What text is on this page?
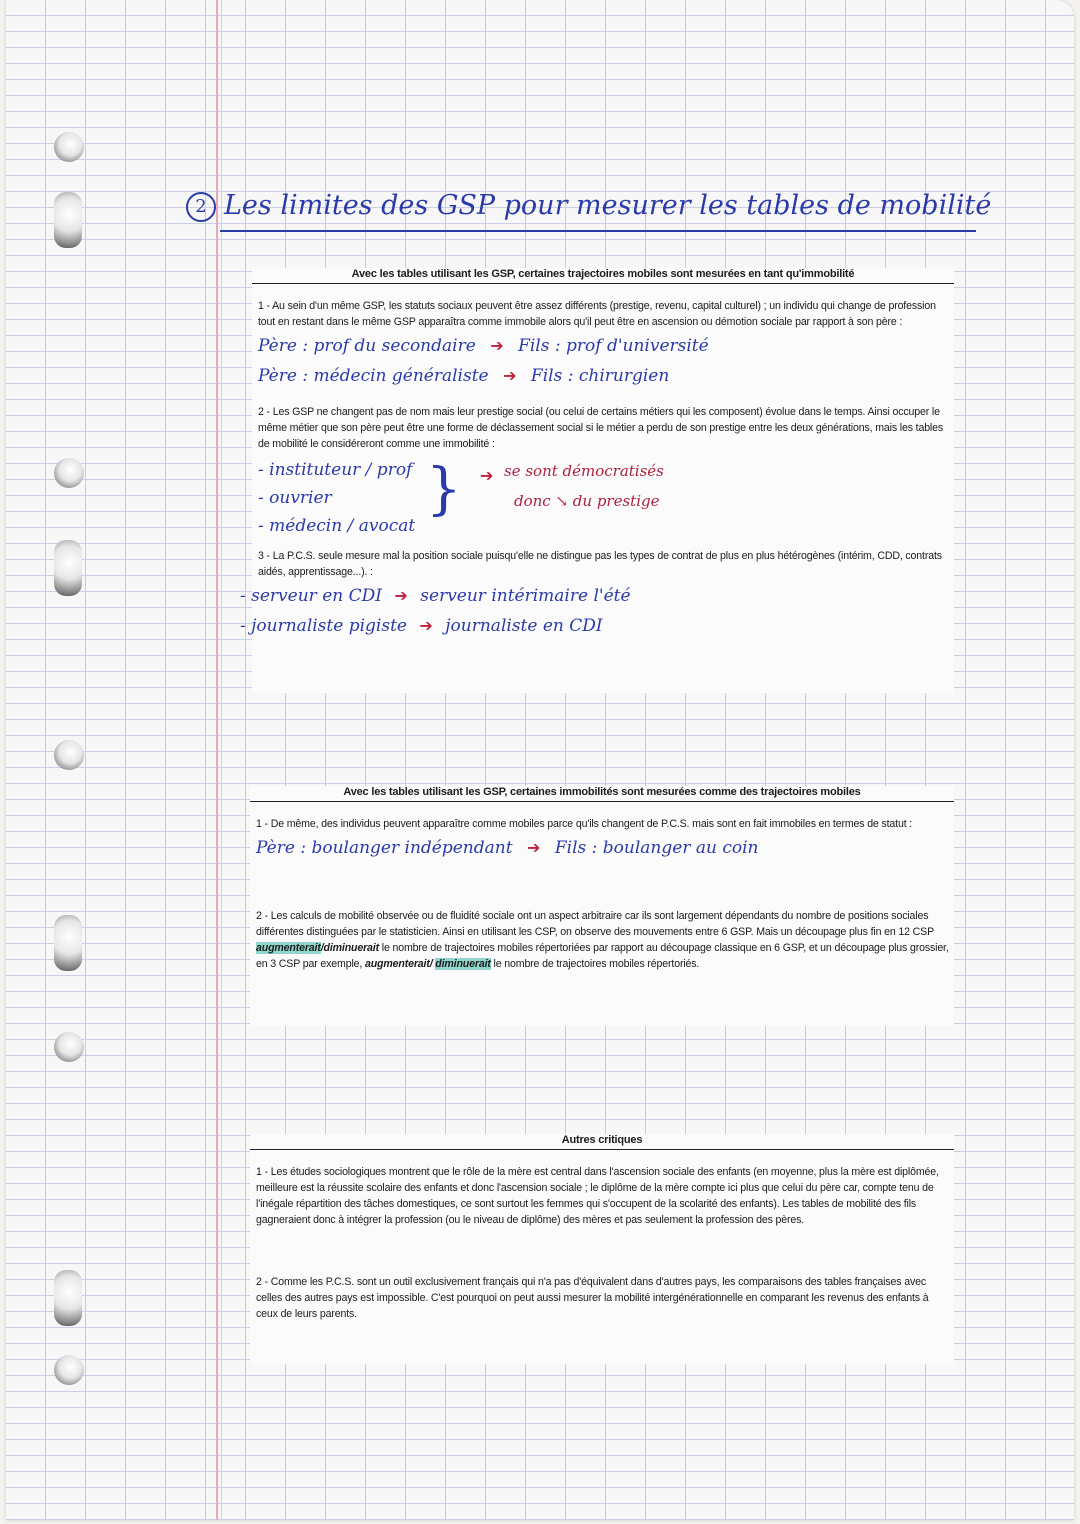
2 Les limites des GSP pour mesurer les tables de mobilité
Avec les tables utilisant les GSP, certaines trajectoires mobiles sont mesurées en tant qu'immobilité
1 - Au sein d'un même GSP, les statuts sociaux peuvent être assez différents (prestige, revenu, capital culturel) ; un individu qui change de profession tout en restant dans le même GSP apparaîtra comme immobile alors qu'il peut être en ascension ou démotion sociale par rapport à son père :
Père : prof du secondaire ➔ Fils : prof d'université
Père : médecin généraliste ➔ Fils : chirurgien
2 - Les GSP ne changent pas de nom mais leur prestige social (ou celui de certains métiers qui les composent) évolue dans le temps. Ainsi occuper le même métier que son père peut être une forme de déclassement social si le métier a perdu de son prestige entre les deux générations, mais les tables de mobilité le considéreront comme une immobilité :
- instituteur / prof
- ouvrier
- médecin / avocat
} ➔ se sont démocratisés
donc ↘ du prestige
3 - La P.C.S. seule mesure mal la position sociale puisqu'elle ne distingue pas les types de contrat de plus en plus hétérogènes (intérim, CDD, contrats aidés, apprentissage...). :
- serveur en CDI ➔ serveur intérimaire l'été
- journaliste pigiste ➔ journaliste en CDI
Avec les tables utilisant les GSP, certaines immobilités sont mesurées comme des trajectoires mobiles
1 - De même, des individus peuvent apparaître comme mobiles parce qu'ils changent de P.C.S. mais sont en fait immobiles en termes de statut :
Père : boulanger indépendant ➔ Fils : boulanger au coin
2 - Les calculs de mobilité observée ou de fluidité sociale ont un aspect arbitraire car ils sont largement dépendants du nombre de positions sociales différentes distinguées par le statisticien. Ainsi en utilisant les CSP, on observe des mouvements entre 6 GSP. Mais un découpage plus fin en 12 CSP augmenterait/diminuerait le nombre de trajectoires mobiles répertoriées par rapport au découpage classique en 6 GSP, et un découpage plus grossier, en 3 CSP par exemple, augmenterait/ diminuerait le nombre de trajectoires mobiles répertoriés.
Autres critiques
1 - Les études sociologiques montrent que le rôle de la mère est central dans l'ascension sociale des enfants (en moyenne, plus la mère est diplômée, meilleure est la réussite scolaire des enfants et donc l'ascension sociale ; le diplôme de la mère compte ici plus que celui du père car, compte tenu de l'inégale répartition des tâches domestiques, ce sont surtout les femmes qui s'occupent de la scolarité des enfants). Les tables de mobilité des fils gagneraient donc à intégrer la profession (ou le niveau de diplôme) des mères et pas seulement la profession des pères.
2 - Comme les P.C.S. sont un outil exclusivement français qui n'a pas d'équivalent dans d'autres pays, les comparaisons des tables françaises avec celles des autres pays est impossible. C'est pourquoi on peut aussi mesurer la mobilité intergénérationnelle en comparant les revenus des enfants à ceux de leurs parents.
